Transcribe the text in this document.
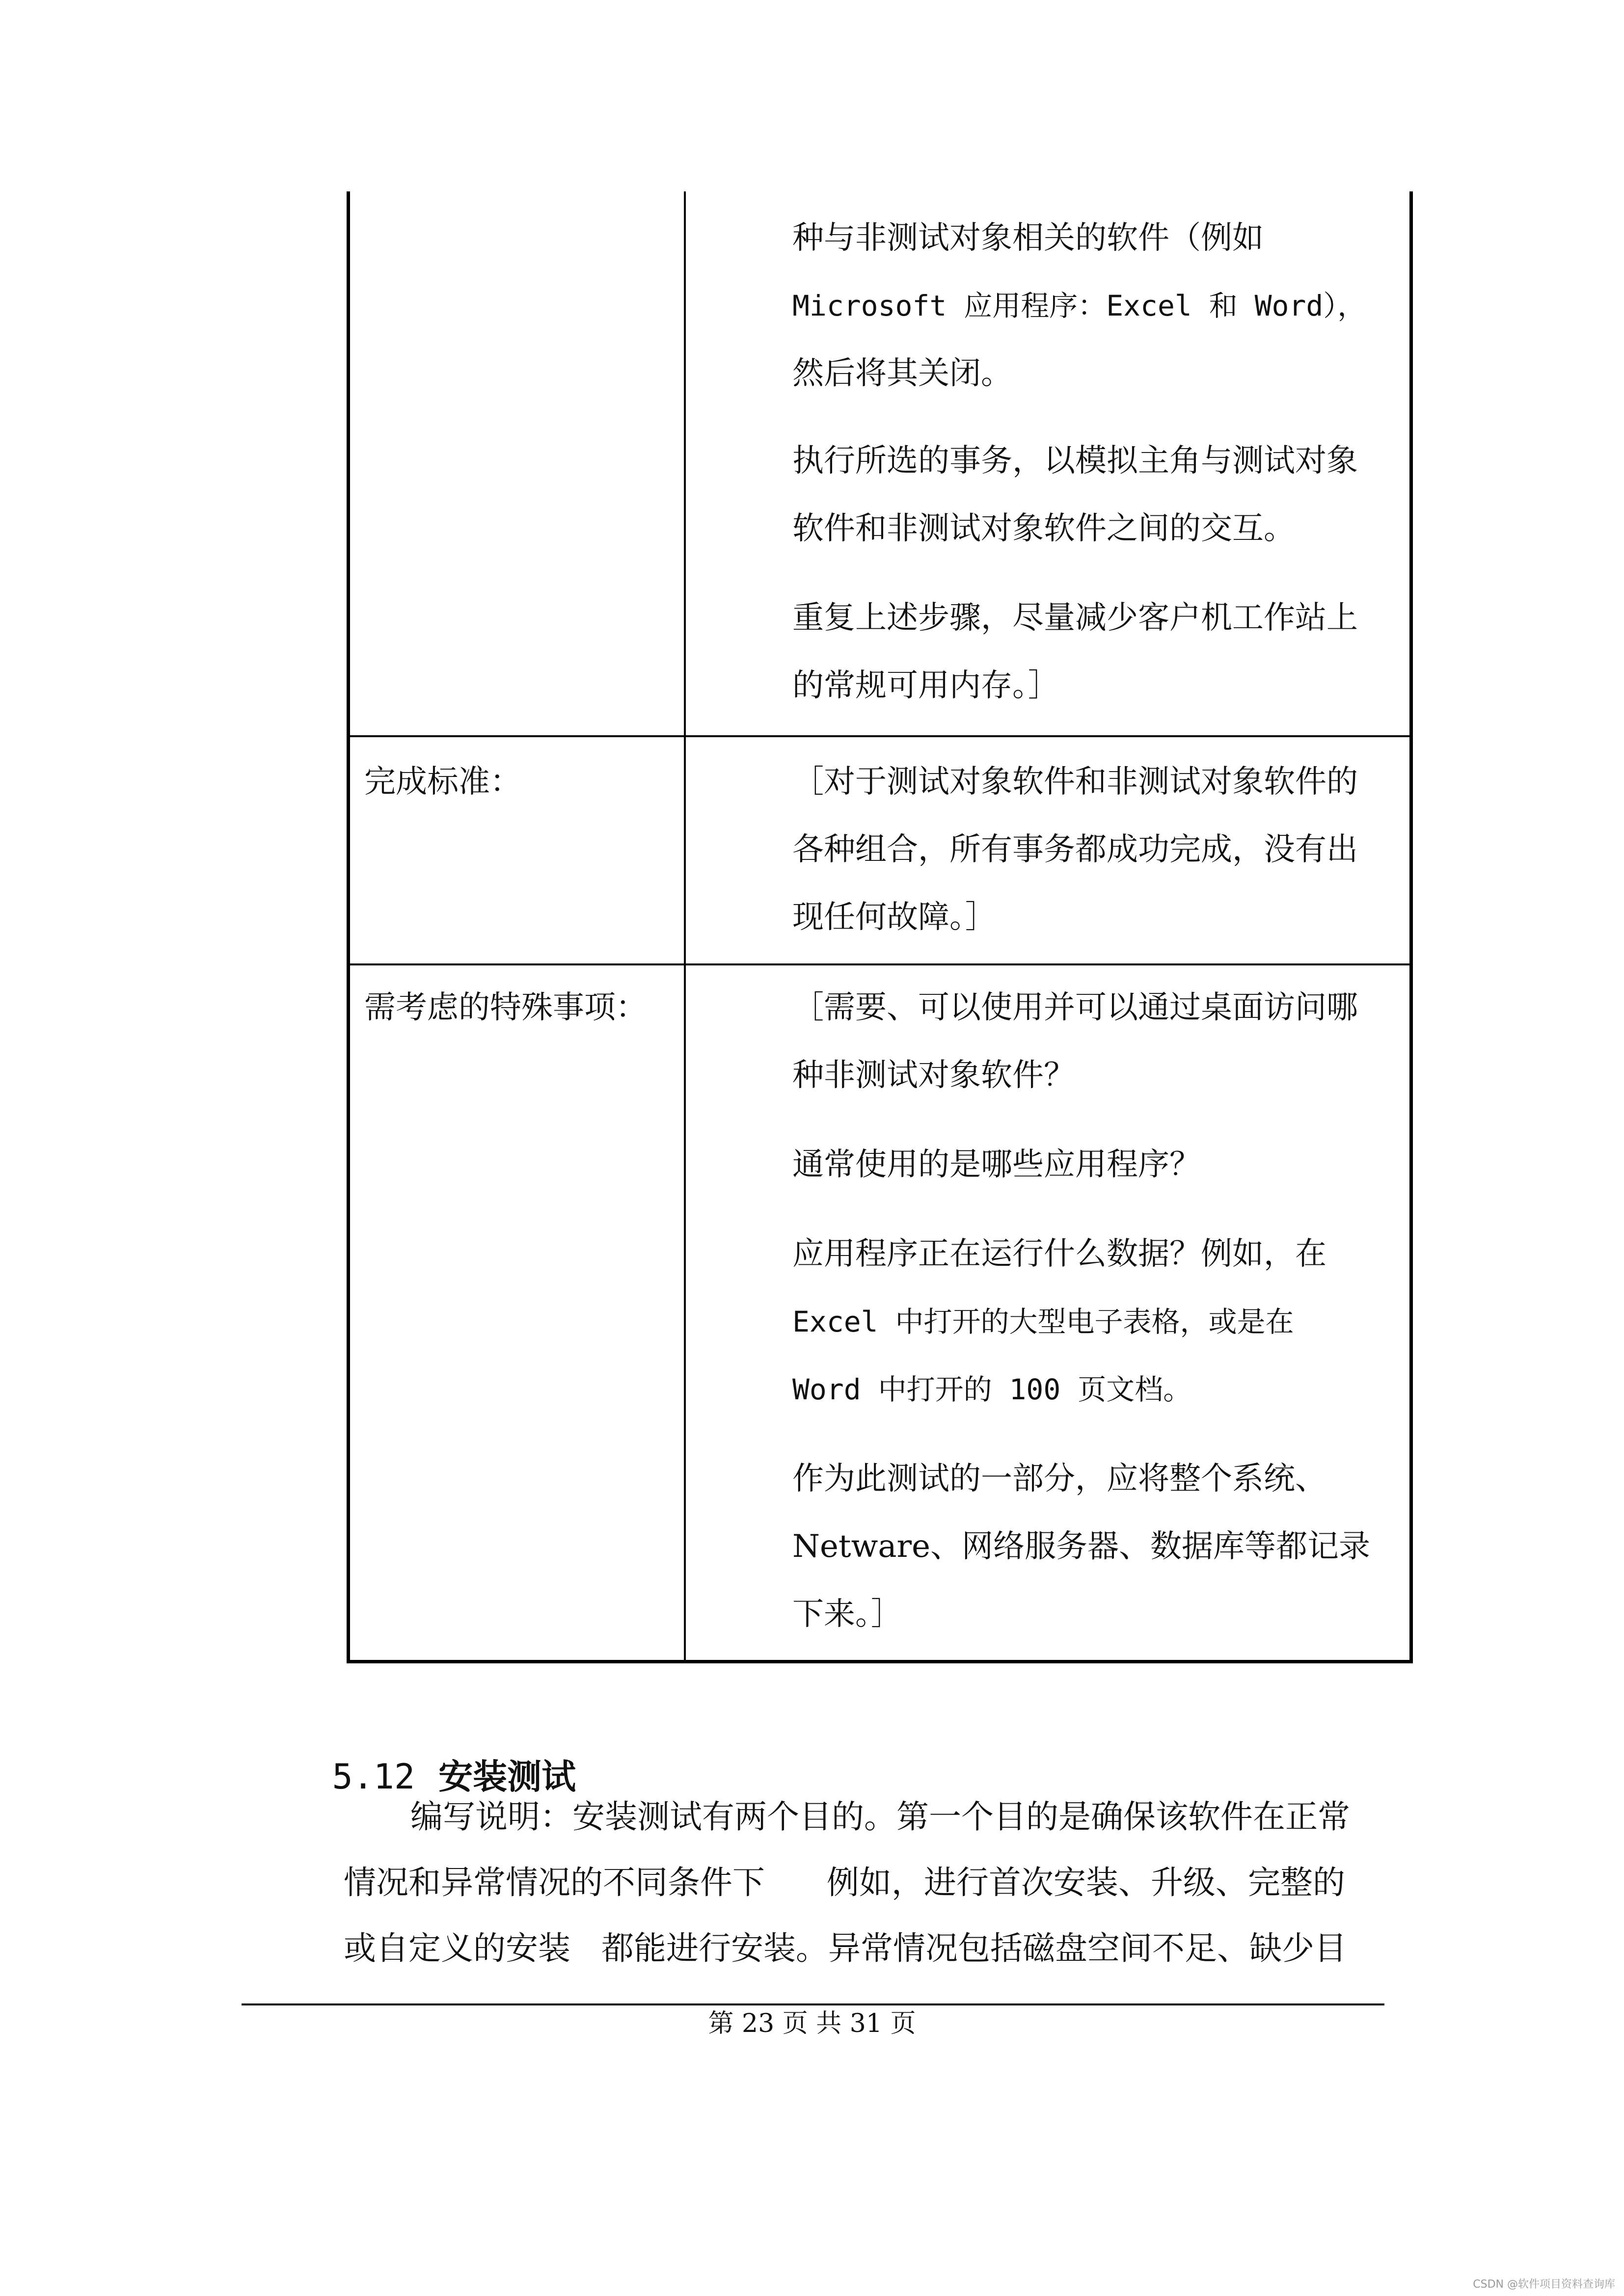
种与非测试对象相关的软件（例如
Microsoft 应用程序：Excel 和 Word），
然后将其关闭。
执行所选的事务，以模拟主角与测试对象
软件和非测试对象软件之间的交互。
重复上述步骤，尽量减少客户机工作站上
的常规可用内存。］
完成标准：	［对于测试对象软件和非测试对象软件的
各种组合，所有事务都成功完成，没有出
现任何故障。］
需考虑的特殊事项：	［需要、可以使用并可以通过桌面访问哪
种非测试对象软件？
通常使用的是哪些应用程序？
应用程序正在运行什么数据？例如，在
Excel 中打开的大型电子表格，或是在
Word 中打开的 100 页文档。
作为此测试的一部分，应将整个系统、
Netware、网络服务器、数据库等都记录
下来。］

5.12 安装测试

编写说明：安装测试有两个目的。第一个目的是确保该软件在正常
情况和异常情况的不同条件下      例如，进行首次安装、升级、完整的
或自定义的安装   都能进行安装。异常情况包括磁盘空间不足、缺少目
第 23 页 共 31 页
CSDN @软件项目资料查询库
